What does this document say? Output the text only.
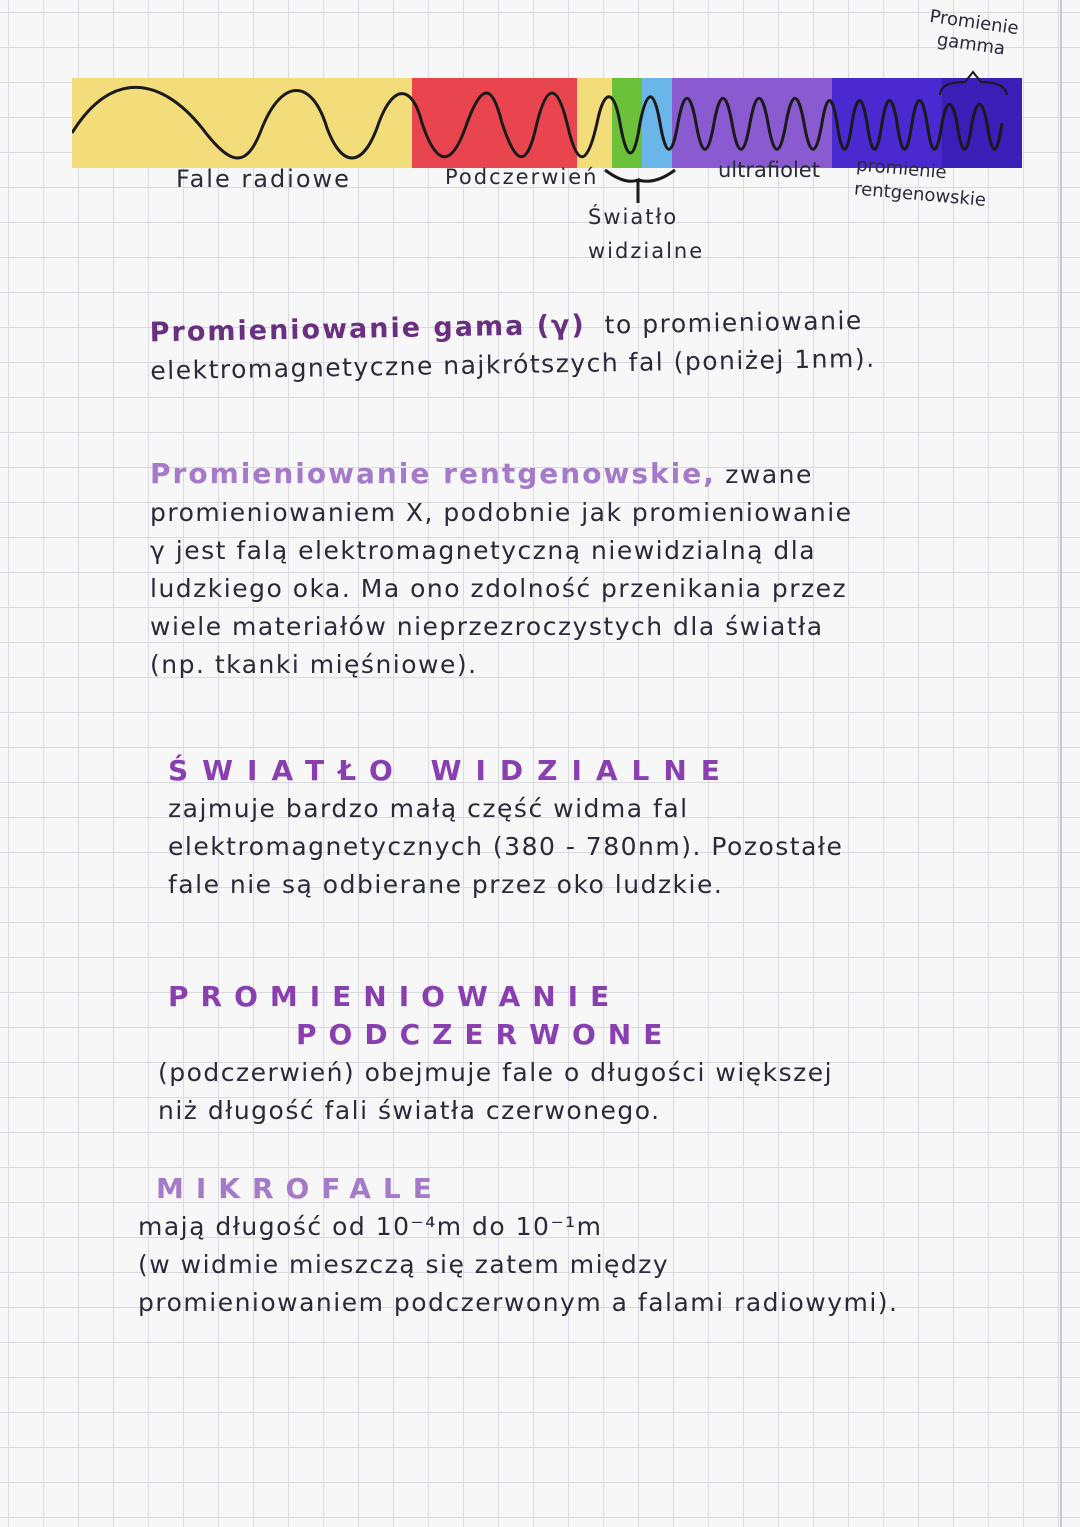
Fale radiowe	Podczerwień
Światło widzialne
ultrafiolet promienie rentgenowskie
Promienie gamma
Promieniowanie gama (γ) to promieniowanie
elektromagnetyczne najkrótszych fal (poniżej 1nm).
Promieniowanie rentgenowskie, zwane
promieniowaniem X, podobnie jak promieniowanie
γ jest falą elektromagnetyczną niewidzialną dla
ludzkiego oka. Ma ono zdolność przenikania przez
wiele materiałów nieprzezroczystych dla światła
(np. tkanki mięśniowe).
ŚWIATŁO WIDZIALNE
zajmuje bardzo małą część widma fal
elektromagnetycznych (380 - 780nm). Pozostałe
fale nie są odbierane przez oko ludzkie.
PROMIENIOWANIE
PODCZERWONE
(podczerwień) obejmuje fale o długości większej
niż długość fali światła czerwonego.
MIKROFALE
mają długość od 10⁻⁴m do 10⁻¹m
(w widmie mieszczą się zatem między
promieniowaniem podczerwonym a falami radiowymi).
